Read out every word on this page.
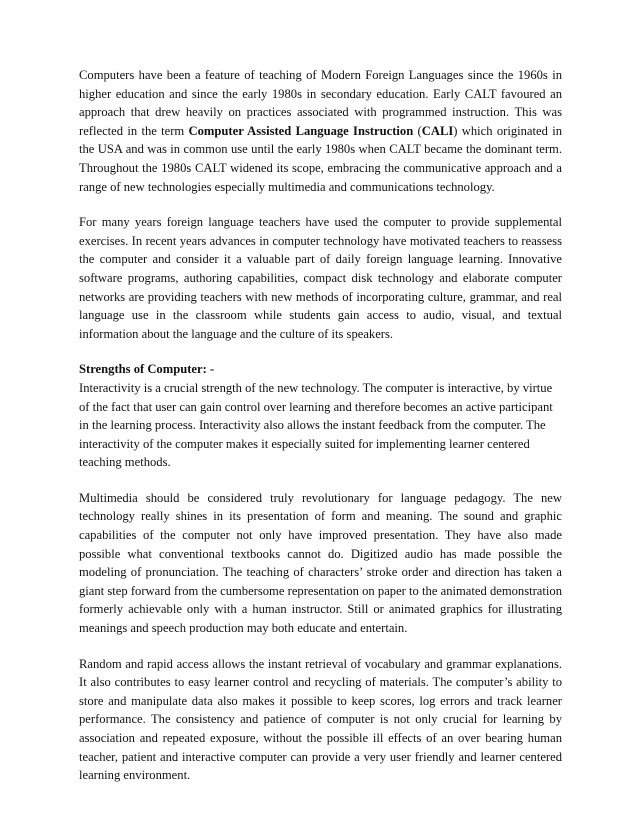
Computers have been a feature of teaching of Modern Foreign Languages since the 1960s in higher education and since the early 1980s in secondary education. Early CALT favoured an approach that drew heavily on practices associated with programmed instruction. This was reflected in the term Computer Assisted Language Instruction (CALI) which originated in the USA and was in common use until the early 1980s when CALT became the dominant term. Throughout the 1980s CALT widened its scope, embracing the communicative approach and a range of new technologies especially multimedia and communications technology.

For many years foreign language teachers have used the computer to provide supplemental exercises. In recent years advances in computer technology have motivated teachers to reassess the computer and consider it a valuable part of daily foreign language learning. Innovative software programs, authoring capabilities, compact disk technology and elaborate computer networks are providing teachers with new methods of incorporating culture, grammar, and real language use in the classroom while students gain access to audio, visual, and textual information about the language and the culture of its speakers.

Strengths of Computer: -

Interactivity is a crucial strength of the new technology. The computer is interactive, by virtue of the fact that user can gain control over learning and therefore becomes an active participant in the learning process. Interactivity also allows the instant feedback from the computer. The interactivity of the computer makes it especially suited for implementing learner centered teaching methods.

Multimedia should be considered truly revolutionary for language pedagogy. The new technology really shines in its presentation of form and meaning. The sound and graphic capabilities of the computer not only have improved presentation. They have also made possible what conventional textbooks cannot do. Digitized audio has made possible the modeling of pronunciation. The teaching of characters’ stroke order and direction has taken a giant step forward from the cumbersome representation on paper to the animated demonstration formerly achievable only with a human instructor. Still or animated graphics for illustrating meanings and speech production may both educate and entertain.

Random and rapid access allows the instant retrieval of vocabulary and grammar explanations. It also contributes to easy learner control and recycling of materials. The computer’s ability to store and manipulate data also makes it possible to keep scores, log errors and track learner performance. The consistency and patience of computer is not only crucial for learning by association and repeated exposure, without the possible ill effects of an over bearing human teacher, patient and interactive computer can provide a very user friendly and learner centered learning environment.
